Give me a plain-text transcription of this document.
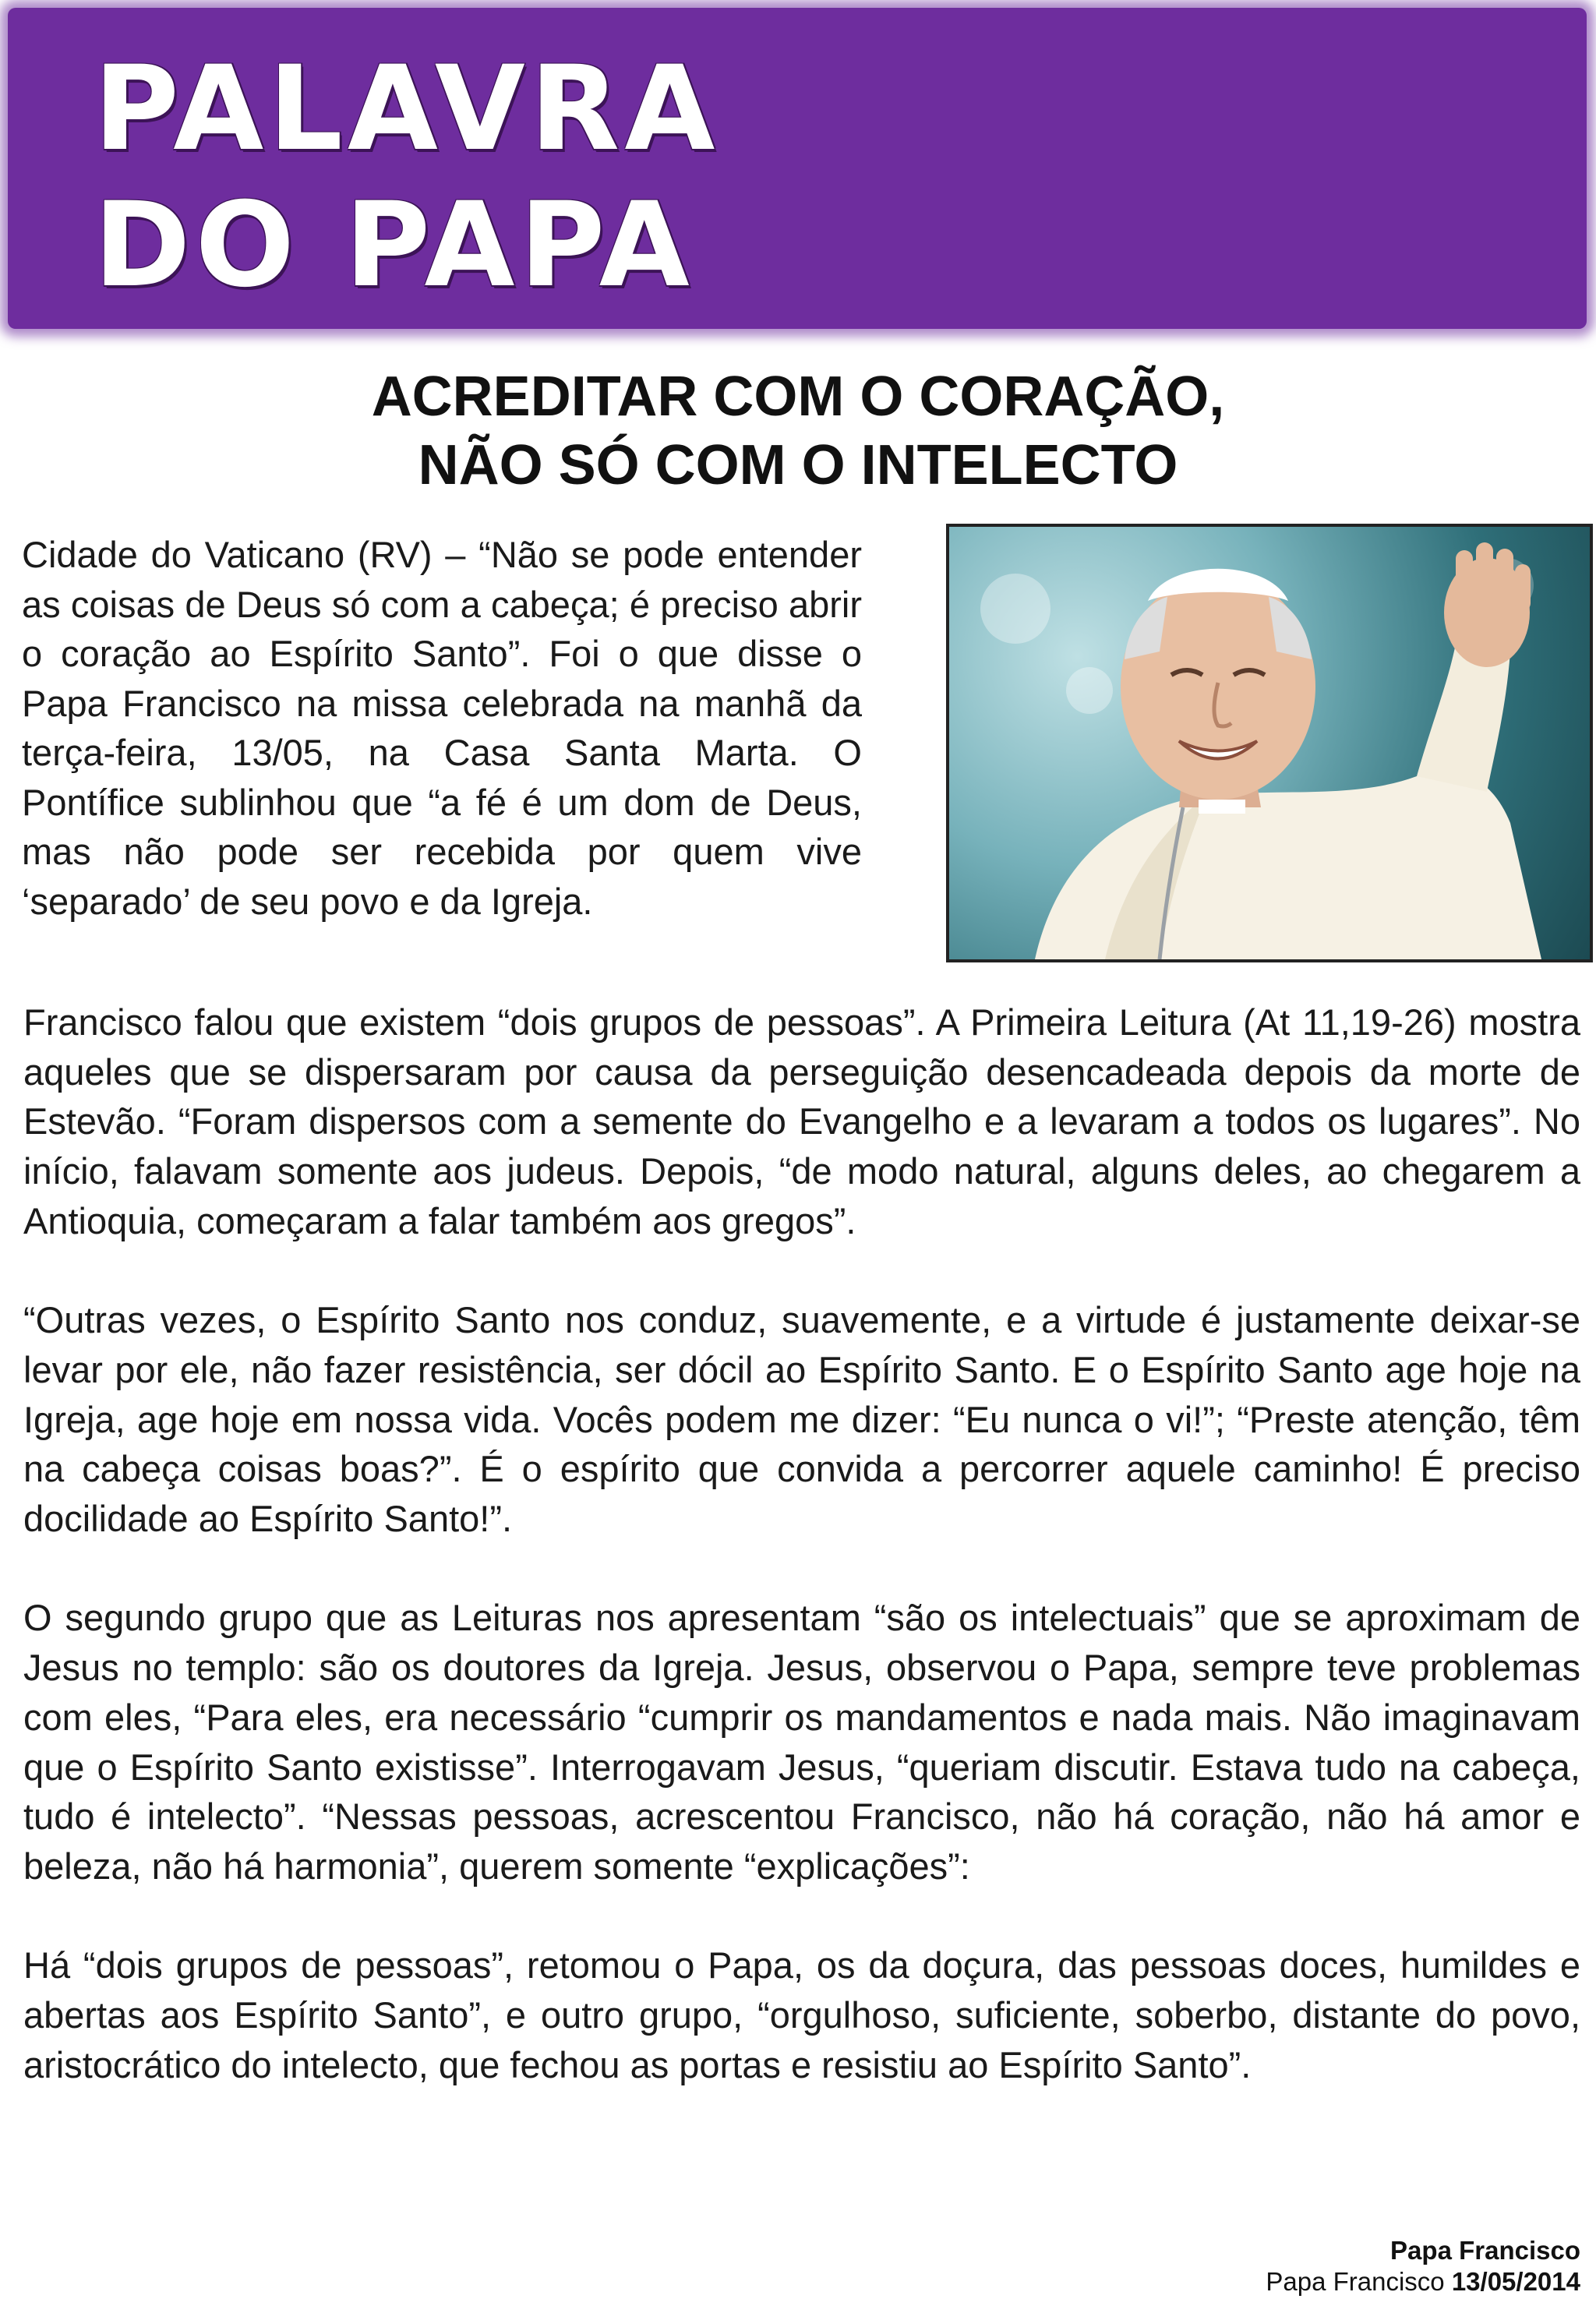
PALAVRA
DO PAPA
ACREDITAR COM O CORAÇÃO,
NÃO SÓ COM O INTELECTO
Cidade do Vaticano (RV) – “Não se pode entender as coisas de Deus só com a cabeça; é preciso abrir o coração ao Espírito Santo”. Foi o que disse o Papa Francisco na missa celebrada na manhã da terça-feira, 13/05, na Casa Santa Marta. O Pontífice sublinhou que “a fé é um dom de Deus, mas não pode ser recebida por quem vive ‘separado’ de seu povo e da Igreja.

Francisco falou que existem “dois grupos de pessoas”. A Primeira Leitura (At 11,19-26) mostra aqueles que se dispersaram por causa da perseguição desencadeada depois da morte de Estevão. “Foram dispersos com a semente do Evangelho e a levaram a todos os lugares”. No início, falavam somente aos judeus. Depois, “de modo natural, alguns deles, ao chegarem a Antioquia, começaram a falar também aos gregos”.

“Outras vezes, o Espírito Santo nos conduz, suavemente, e a virtude é justamente deixar-se levar por ele, não fazer resistência, ser dócil ao Espírito Santo. E o Espírito Santo age hoje na Igreja, age hoje em nossa vida. Vocês podem me dizer: “Eu nunca o vi!”; “Preste atenção, têm na cabeça coisas boas?”. É o espírito que convida a percorrer aquele caminho! É preciso docilidade ao Espírito Santo!”.

O segundo grupo que as Leituras nos apresentam “são os intelectuais” que se aproximam de Jesus no templo: são os doutores da Igreja. Jesus, observou o Papa, sempre teve problemas com eles, “Para eles, era necessário “cumprir os mandamentos e nada mais. Não imaginavam que o Espírito Santo existisse”. Interrogavam Jesus, “queriam discutir. Estava tudo na cabeça, tudo é intelecto”. “Nessas pessoas, acrescentou Francisco, não há coração, não há amor e beleza, não há harmonia”, querem somente “explicações”:

Há “dois grupos de pessoas”, retomou o Papa, os da doçura, das pessoas doces, humildes e abertas aos Espírito Santo”, e outro grupo, “orgulhoso, suficiente, soberbo, distante do povo, aristocrático do intelecto, que fechou as portas e resistiu ao Espírito Santo”.

Papa Francisco
Papa Francisco 13/05/2014
